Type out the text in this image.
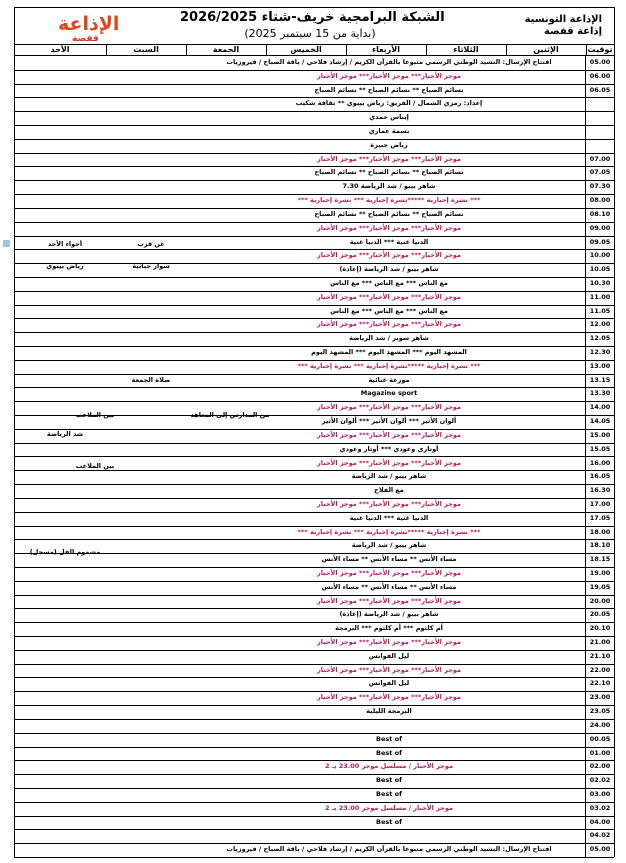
الإذاعة
قفصة
الشبكة البرامجية خريف-شتاء 2026/2025
(بداية من 15 سبتمبر 2025)
الإذاعة التونسية
إذاعة قفصة
توقيت
الإثنين
الثلاثاء
الأربعاء
الخميس
الجمعة
السبت
الأحد
05.00
افتتاح الإرسال: النشيد الوطني الرسمي متبوعا بالقرآن الكريم / إرشاد فلاحي / باقة الصباح / فيروزيات
06.00
موجز الأخبار*** موجز الأخبار*** موجز الأخبار
06.05
نسائم الصباح ** نسائم الصباح ** نسائم الصباح
إعداد: رمزي الشمال / الفريق: رياض بيبوي ** ثقافة شكيب
إيناس حمدي
بسمة عماري
رياض جبيرة
07.00
موجز الأخبار*** موجز الأخبار*** موجز الأخبار
07.05
نسائم الصباح ** نسائم الصباح ** نسائم الصباح
07.30
7.30 شاهر بيبو / شد الرياضة
08.00
*** نشرة إخبارية *****نشرة إخبارية *** نشرة إخبارية ***
08.10
نسائم الصباح ** نسائم الصباح ** نسائم الصباح
09.00
موجز الأخبار*** موجز الأخبار*** موجز الأخبار
09.05
الدنيا غنية *** الدنيا غنية
10.00
موجز الأخبار*** موجز الأخبار*** موجز الأخبار
10.05
شاهر بيبو / شد الرياضة (إعادة)
10.30
مع الناس *** مع الناس *** مع الناس
11.00
موجز الأخبار*** موجز الأخبار*** موجز الأخبار
11.05
مع الناس *** مع الناس *** مع الناس
12.00
موجز الأخبار*** موجز الأخبار*** موجز الأخبار
12.05
شاهر سوير / شد الرياضة
12.30
المشهد اليوم *** المشهد اليوم *** المشهد اليوم
13.00
*** نشرة إخبارية *****نشرة إخبارية *** نشرة إخبارية ***
13.15
موزعة غنائية
13.30
Magazine sport
14.00
موجز الأخبار*** موجز الأخبار*** موجز الأخبار
14.05
ألوان الأثير *** ألوان الأثير *** ألوان الأثير
15.00
موجز الأخبار*** موجز الأخبار*** موجز الأخبار
15.05
أوتاري وعودي *** أوتار وعودي
16.00
موجز الأخبار*** موجز الأخبار*** موجز الأخبار
16.05
شاهر بيبو / شد الرياضة
16.30
مع الفلاح
17.00
موجز الأخبار*** موجز الأخبار*** موجز الأخبار
17.05
الدنيا غنية *** الدنيا غنية
18.00
*** نشرة إخبارية *****نشرة إخبارية *** نشرة إخبارية ***
18.10
شاهر بيبو / شد الرياضة
18.15
مساء الأنس ** مساء الأنس ** مساء الأنس
19.00
موجز الأخبار*** موجز الأخبار*** موجز الأخبار
19.05
مساء الأنس ** مساء الأنس ** مساء الأنس
20.00
موجز الأخبار*** موجز الأخبار*** موجز الأخبار
20.05
شاهر بيبو / شد الرياضة (إعادة)
20.10
أم كلثوم *** أم كلثوم *** البرمجة
21.00
موجز الأخبار*** موجز الأخبار*** موجز الأخبار
21.10
ليل الفوانس
22.00
موجز الأخبار*** موجز الأخبار*** موجز الأخبار
22.10
ليل الفوانس
23.00
موجز الأخبار*** موجز الأخبار*** موجز الأخبار
23.05
البرمجة الليلية
24.00
00.05
Best of
01.00
Best of
02.00
موجز الأخبار / مسلسل موجز 23.00 يـ 2
02.02
Best of
03.00
Best of
03.02
موجز الأخبار / مسلسل موجز 23.00 يـ 2
04.00
Best of
04.02
05.00
افتتاح الإرسال: النشيد الوطني الرسمي متبوعا بالقرآن الكريم / إرشاد فلاحي / باقة الصباح / فيروزيات
أجواء الأحد	عن قرب
رياض بيبوي	سوار جبابية
صلاة الجمعة
بين الملاعب
شد الرياضة
من المدارس إلى المعاهد
بين الملاعب
مشموم الفل (مسجل)
